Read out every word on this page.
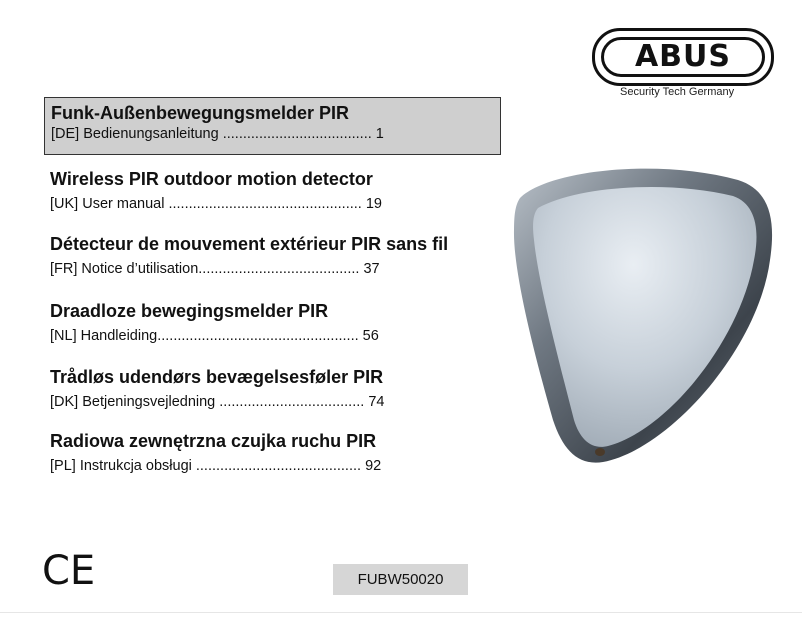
ABUS
Security Tech Germany
Funk-Außenbewegungsmelder PIR
[DE] Bedienungsanleitung ..................................... 1
Wireless PIR outdoor motion detector
[UK] User manual ................................................ 19
Détecteur de mouvement extérieur PIR sans fil
[FR] Notice d’utilisation........................................ 37
Draadloze bewegingsmelder PIR
[NL] Handleiding.................................................. 56
Trådløs udendørs bevægelsesføler PIR
[DK] Betjeningsvejledning .................................... 74
Radiowa zewnętrzna czujka ruchu PIR
[PL] Instrukcja obsługi ......................................... 92
CE	FUBW50020
